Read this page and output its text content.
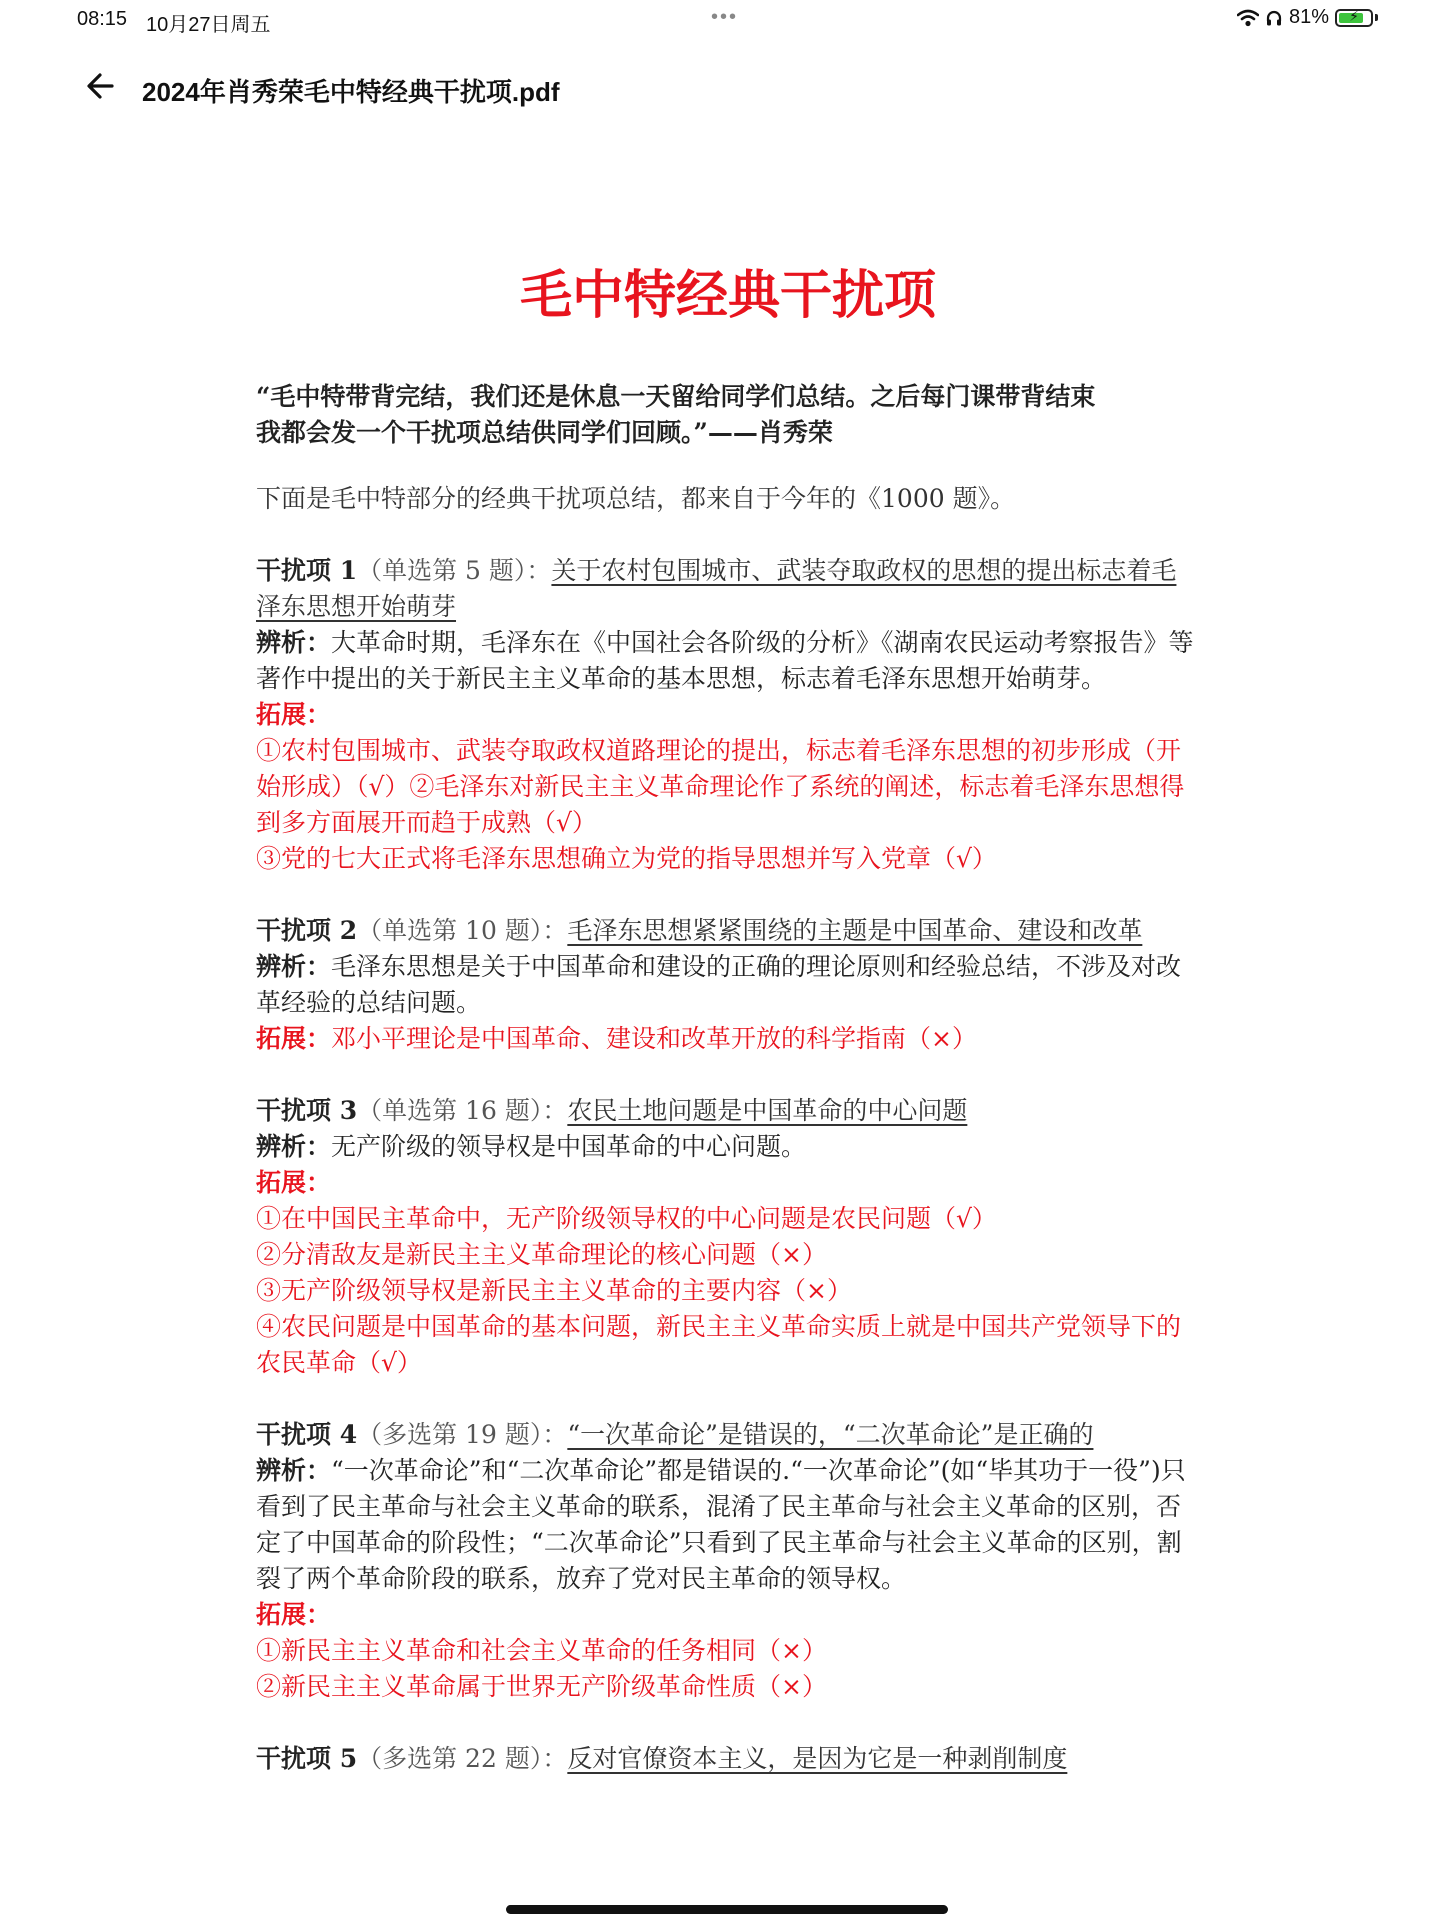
08:15 10月27日周五	•••	81%	⚡
2024年肖秀荣毛中特经典干扰项.pdf
毛中特经典干扰项

“毛中特带背完结，我们还是休息一天留给同学们总结。之后每门课带背结束
我都会发一个干扰项总结供同学们回顾。”——肖秀荣

下面是毛中特部分的经典干扰项总结，都来自于今年的《1000 题》。

干扰项 1（单选第 5 题）：关于农村包围城市、武装夺取政权的思想的提出标志着毛泽东思想开始萌芽

辨析：大革命时期，毛泽东在《中国社会各阶级的分析》《湖南农民运动考察报告》等著作中提出的关于新民主主义革命的基本思想，标志着毛泽东思想开始萌芽。

拓展：

①农村包围城市、武装夺取政权道路理论的提出，标志着毛泽东思想的初步形成（开始形成）（√）②毛泽东对新民主主义革命理论作了系统的阐述，标志着毛泽东思想得到多方面展开而趋于成熟（√）

③党的七大正式将毛泽东思想确立为党的指导思想并写入党章（√）

干扰项 2（单选第 10 题）：毛泽东思想紧紧围绕的主题是中国革命、建设和改革

辨析：毛泽东思想是关于中国革命和建设的正确的理论原则和经验总结，不涉及对改革经验的总结问题。

拓展：邓小平理论是中国革命、建设和改革开放的科学指南（×）

干扰项 3（单选第 16 题）：农民土地问题是中国革命的中心问题

辨析：无产阶级的领导权是中国革命的中心问题。

拓展：

①在中国民主革命中，无产阶级领导权的中心问题是农民问题（√）

②分清敌友是新民主主义革命理论的核心问题（×）

③无产阶级领导权是新民主主义革命的主要内容（×）

④农民问题是中国革命的基本问题，新民主主义革命实质上就是中国共产党领导下的农民革命（√）

干扰项 4（多选第 19 题）：“一次革命论”是错误的，“二次革命论”是正确的

辨析：“一次革命论”和“二次革命论”都是错误的.“一次革命论”(如“毕其功于一役”)只看到了民主革命与社会主义革命的联系，混淆了民主革命与社会主义革命的区别，否定了中国革命的阶段性；“二次革命论”只看到了民主革命与社会主义革命的区别，割裂了两个革命阶段的联系，放弃了党对民主革命的领导权。

拓展：

①新民主主义革命和社会主义革命的任务相同（×）

②新民主主义革命属于世界无产阶级革命性质（×）

干扰项 5（多选第 22 题）：反对官僚资本主义，是因为它是一种剥削制度
